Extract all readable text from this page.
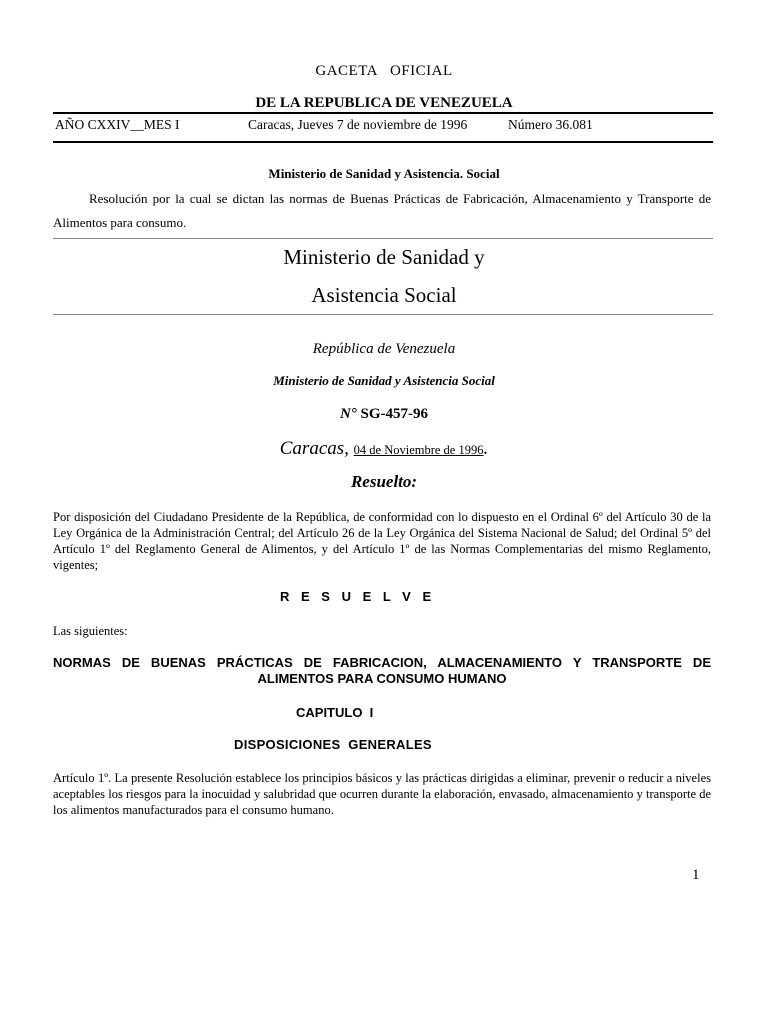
GACETA   OFICIAL
DE LA REPUBLICA DE VENEZUELA
AÑO CXXIV__MES I	Caracas, Jueves 7 de noviembre de 1996	Número 36.081
Ministerio de Sanidad y Asistencia. Social
Resolución por la cual se dictan las normas de Buenas Prácticas de Fabricación, Almacenamiento y Transporte de Alimentos para consumo.
Ministerio de Sanidad y
Asistencia Social
República de Venezuela
Ministerio de Sanidad y Asistencia Social
N° SG-457-96
Caracas, 04 de Noviembre de 1996.
Resuelto:
Por disposición del Ciudadano Presidente de la República, de conformidad con lo dispuesto en el Ordinal 6º del Artículo 30 de la Ley Orgánica de la Administración Central; del Artículo 26 de la Ley Orgánica del Sistema Nacional de Salud; del Ordinal 5º del Artículo 1º del Reglamento General de Alimentos, y del Artículo 1º de las Normas Complementarias del mismo Reglamento, vigentes;
R E S U E L V E
Las siguientes:
NORMAS DE BUENAS PRÁCTICAS DE FABRICACION, ALMACENAMIENTO Y TRANSPORTE DE ALIMENTOS PARA CONSUMO HUMANO
CAPITULO  I
DISPOSICIONES  GENERALES
Artículo 1º. La presente Resolución establece los principios básicos y las prácticas dirigidas a eliminar, prevenir o reducir a niveles aceptables los riesgos para la inocuidad y salubridad que ocurren durante la elaboración, envasado, almacenamiento y transporte de los alimentos manufacturados para el consumo humano.
1
